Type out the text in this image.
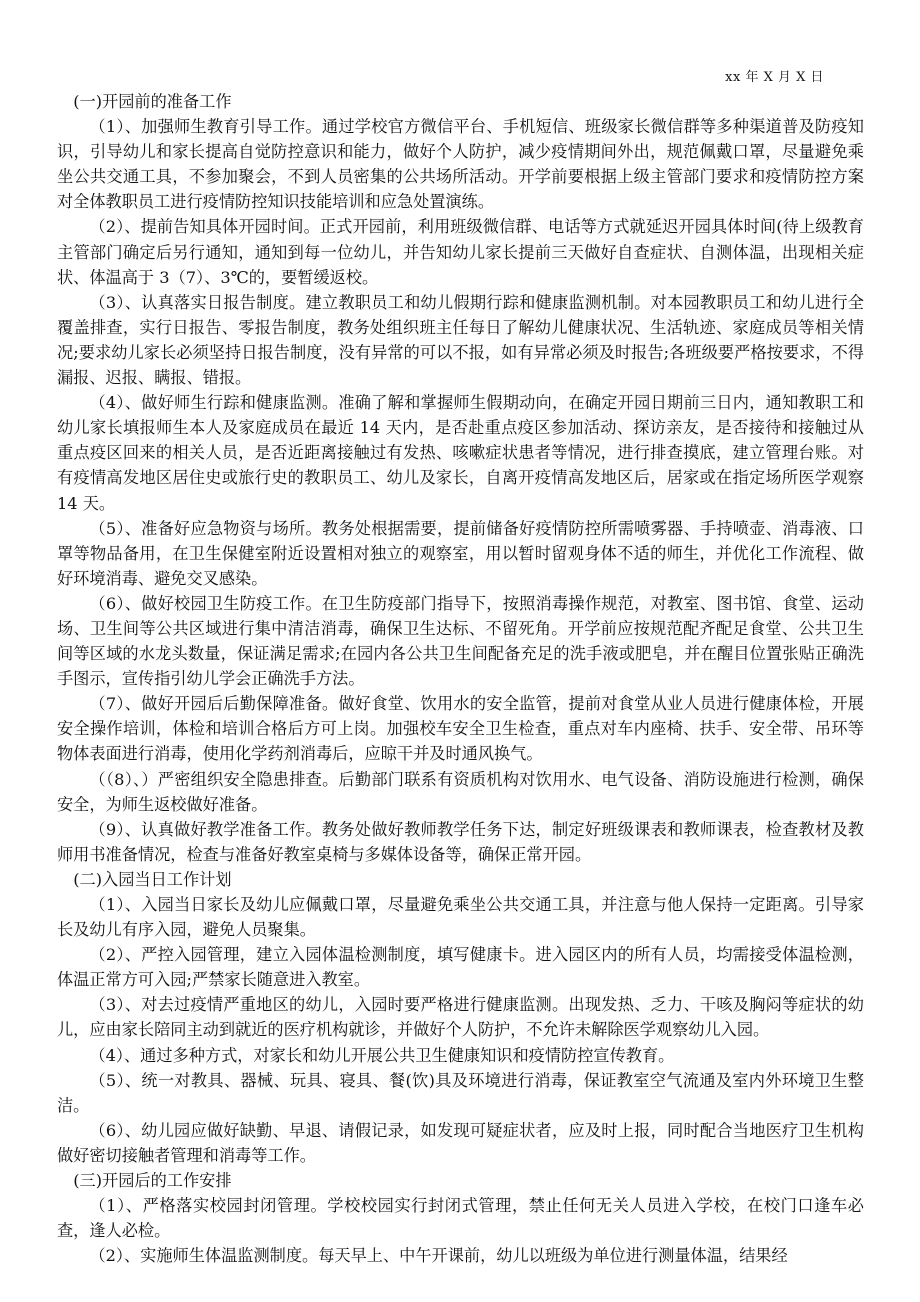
xx 年 X 月 X 日

(一)开园前的准备工作

（1）、加强师生教育引导工作。通过学校官方微信平台、手机短信、班级家长微信群等多种渠道普及防疫知识，引导幼儿和家长提高自觉防控意识和能力，做好个人防护，减少疫情期间外出，规范佩戴口罩，尽量避免乘坐公共交通工具，不参加聚会，不到人员密集的公共场所活动。开学前要根据上级主管部门要求和疫情防控方案对全体教职员工进行疫情防控知识技能培训和应急处置演练。

（2）、提前告知具体开园时间。正式开园前，利用班级微信群、电话等方式就延迟开园具体时间(待上级教育主管部门确定后另行通知，通知到每一位幼儿，并告知幼儿家长提前三天做好自查症状、自测体温，出现相关症状、体温高于 3（7）、3℃的，要暂缓返校。

（3）、认真落实日报告制度。建立教职员工和幼儿假期行踪和健康监测机制。对本园教职员工和幼儿进行全覆盖排查，实行日报告、零报告制度，教务处组织班主任每日了解幼儿健康状况、生活轨迹、家庭成员等相关情况;要求幼儿家长必须坚持日报告制度，没有异常的可以不报，如有异常必须及时报告;各班级要严格按要求，不得漏报、迟报、瞒报、错报。

（4）、做好师生行踪和健康监测。准确了解和掌握师生假期动向，在确定开园日期前三日内，通知教职工和幼儿家长填报师生本人及家庭成员在最近 14 天内，是否赴重点疫区参加活动、探访亲友，是否接待和接触过从重点疫区回来的相关人员，是否近距离接触过有发热、咳嗽症状患者等情况，进行排查摸底，建立管理台账。对有疫情高发地区居住史或旅行史的教职员工、幼儿及家长，自离开疫情高发地区后，居家或在指定场所医学观察 14 天。

（5）、准备好应急物资与场所。教务处根据需要，提前储备好疫情防控所需喷雾器、手持喷壶、消毒液、口罩等物品备用，在卫生保健室附近设置相对独立的观察室，用以暂时留观身体不适的师生，并优化工作流程、做好环境消毒、避免交叉感染。

（6）、做好校园卫生防疫工作。在卫生防疫部门指导下，按照消毒操作规范，对教室、图书馆、食堂、运动场、卫生间等公共区域进行集中清洁消毒，确保卫生达标、不留死角。开学前应按规范配齐配足食堂、公共卫生间等区域的水龙头数量，保证满足需求;在园内各公共卫生间配备充足的洗手液或肥皂，并在醒目位置张贴正确洗手图示，宣传指引幼儿学会正确洗手方法。

（7）、做好开园后后勤保障准备。做好食堂、饮用水的安全监管，提前对食堂从业人员进行健康体检，开展安全操作培训，体检和培训合格后方可上岗。加强校车安全卫生检查，重点对车内座椅、扶手、安全带、吊环等物体表面进行消毒，使用化学药剂消毒后，应晾干并及时通风换气。

（（8）、）严密组织安全隐患排查。后勤部门联系有资质机构对饮用水、电气设备、消防设施进行检测，确保安全，为师生返校做好准备。

（9）、认真做好教学准备工作。教务处做好教师教学任务下达，制定好班级课表和教师课表，检查教材及教师用书准备情况，检查与准备好教室桌椅与多媒体设备等，确保正常开园。

(二)入园当日工作计划

（1）、入园当日家长及幼儿应佩戴口罩，尽量避免乘坐公共交通工具，并注意与他人保持一定距离。引导家长及幼儿有序入园，避免人员聚集。

（2）、严控入园管理，建立入园体温检测制度，填写健康卡。进入园区内的所有人员，均需接受体温检测，体温正常方可入园;严禁家长随意进入教室。

（3）、对去过疫情严重地区的幼儿，入园时要严格进行健康监测。出现发热、乏力、干咳及胸闷等症状的幼儿，应由家长陪同主动到就近的医疗机构就诊，并做好个人防护，不允许未解除医学观察幼儿入园。

（4）、通过多种方式，对家长和幼儿开展公共卫生健康知识和疫情防控宣传教育。

（5）、统一对教具、器械、玩具、寝具、餐(饮)具及环境进行消毒，保证教室空气流通及室内外环境卫生整洁。

（6）、幼儿园应做好缺勤、早退、请假记录，如发现可疑症状者，应及时上报，同时配合当地医疗卫生机构做好密切接触者管理和消毒等工作。

(三)开园后的工作安排

（1）、严格落实校园封闭管理。学校校园实行封闭式管理，禁止任何无关人员进入学校，在校门口逢车必查，逢人必检。

（2）、实施师生体温监测制度。每天早上、中午开课前，幼儿以班级为单位进行测量体温，结果经
